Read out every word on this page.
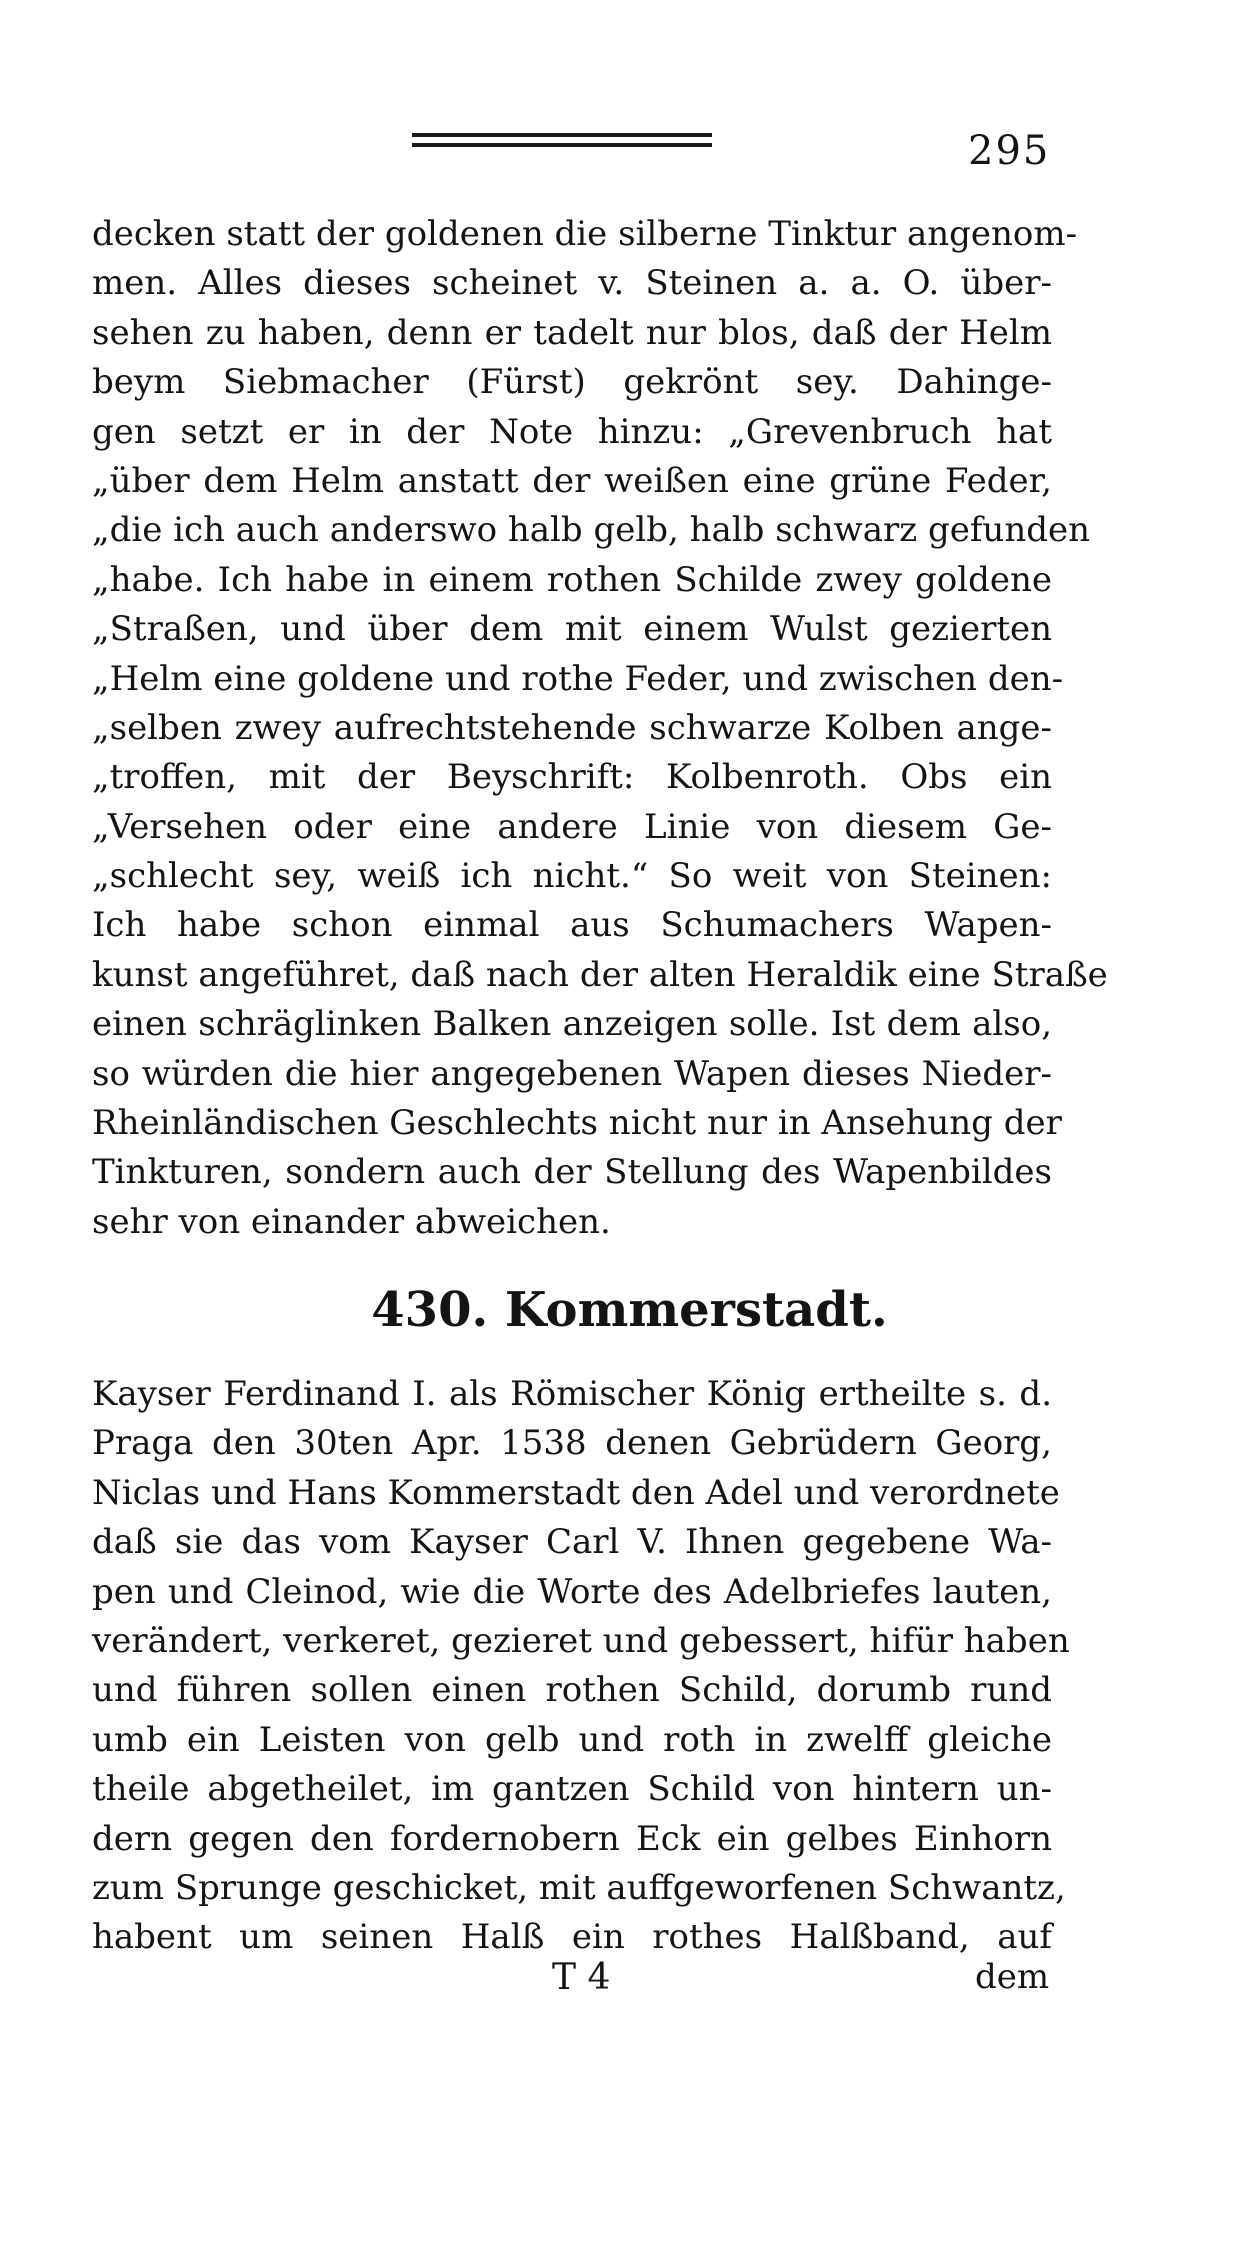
295
decken statt der goldenen die silberne Tinktur angenom-
men. Alles dieses scheinet v. Steinen a. a. O. über-
sehen zu haben, denn er tadelt nur blos, daß der Helm
beym Siebmacher (Fürst) gekrönt sey. Dahinge-
gen setzt er in der Note hinzu: „Grevenbruch hat
„über dem Helm anstatt der weißen eine grüne Feder,
„die ich auch anderswo halb gelb, halb schwarz gefunden
„habe. Ich habe in einem rothen Schilde zwey goldene
„Straßen, und über dem mit einem Wulst gezierten
„Helm eine goldene und rothe Feder, und zwischen den-
„selben zwey aufrechtstehende schwarze Kolben ange-
„troffen, mit der Beyschrift: Kolbenroth. Obs ein
„Versehen oder eine andere Linie von diesem Ge-
„schlecht sey, weiß ich nicht.“ So weit von Steinen:
Ich habe schon einmal aus Schumachers Wapen-
kunst angeführet, daß nach der alten Heraldik eine Straße
einen schräglinken Balken anzeigen solle. Ist dem also,
so würden die hier angegebenen Wapen dieses Nieder-
Rheinländischen Geschlechts nicht nur in Ansehung der
Tinkturen, sondern auch der Stellung des Wapenbildes
sehr von einander abweichen.
430. Kommerstadt.
Kayser Ferdinand I. als Römischer König ertheilte s. d.
Praga den 30ten Apr. 1538 denen Gebrüdern Georg,
Niclas und Hans Kommerstadt den Adel und verordnete
daß sie das vom Kayser Carl V. Ihnen gegebene Wa-
pen und Cleinod, wie die Worte des Adelbriefes lauten,
verändert, verkeret, gezieret und gebessert, hifür haben
und führen sollen einen rothen Schild, dorumb rund
umb ein Leisten von gelb und roth in zwelff gleiche
theile abgetheilet, im gantzen Schild von hintern un-
dern gegen den fordernobern Eck ein gelbes Einhorn
zum Sprunge geschicket, mit auffgeworfenen Schwantz,
habent um seinen Halß ein rothes Halßband, auf
T 4	dem
